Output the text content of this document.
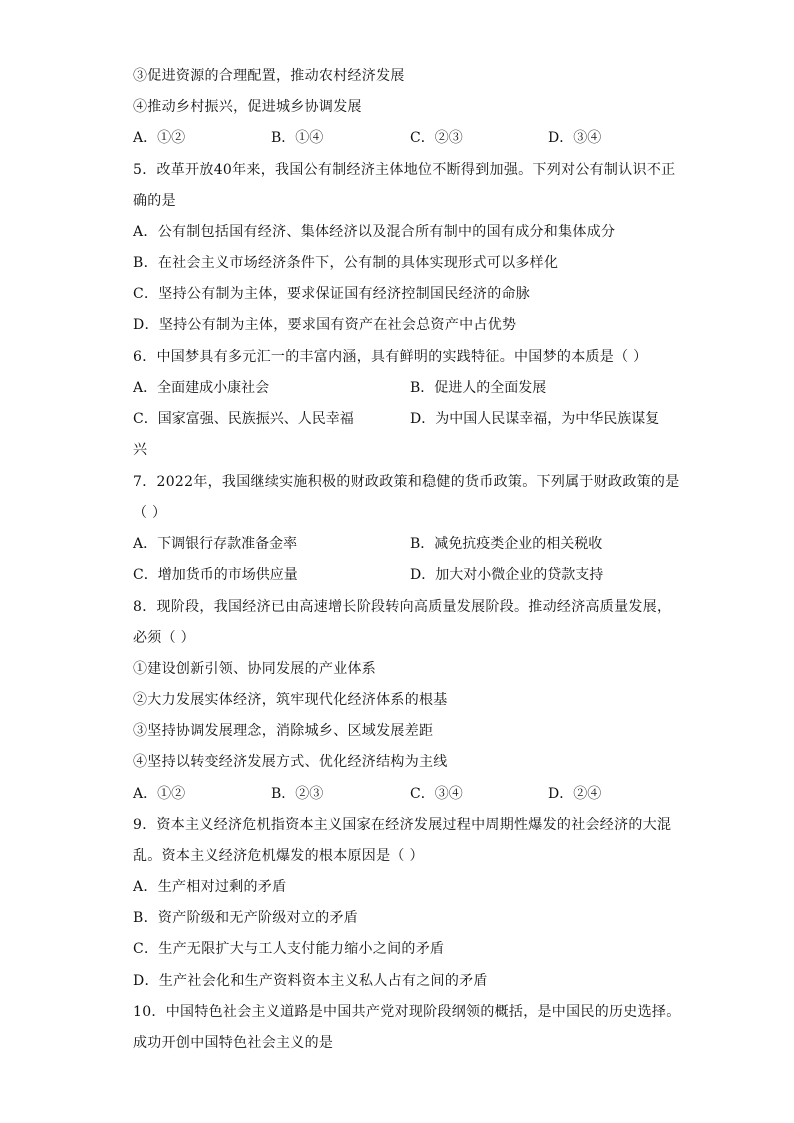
③促进资源的合理配置，推动农村经济发展
④推动乡村振兴，促进城乡协调发展
A．①②	B．①④	C．②③	D．③④
5．改革开放40年来，我国公有制经济主体地位不断得到加强。下列对公有制认识不正
确的是
A．公有制包括国有经济、集体经济以及混合所有制中的国有成分和集体成分
B．在社会主义市场经济条件下，公有制的具体实现形式可以多样化
C．坚持公有制为主体，要求保证国有经济控制国民经济的命脉
D．坚持公有制为主体，要求国有资产在社会总资产中占优势
6．中国梦具有多元汇一的丰富内涵，具有鲜明的实践特征。中国梦的本质是（ ）
A．全面建成小康社会	B．促进人的全面发展
C．国家富强、民族振兴、人民幸福	D．为中国人民谋幸福，为中华民族谋复
兴
7．2022年，我国继续实施积极的财政政策和稳健的货币政策。下列属于财政政策的是
（ ）
A．下调银行存款准备金率	B．减免抗疫类企业的相关税收
C．增加货币的市场供应量	D．加大对小微企业的贷款支持
8．现阶段，我国经济已由高速增长阶段转向高质量发展阶段。推动经济高质量发展，
必须（ ）
①建设创新引领、协同发展的产业体系
②大力发展实体经济，筑牢现代化经济体系的根基
③坚持协调发展理念，消除城乡、区域发展差距
④坚持以转变经济发展方式、优化经济结构为主线
A．①②	B．②③	C．③④	D．②④
9．资本主义经济危机指资本主义国家在经济发展过程中周期性爆发的社会经济的大混
乱。资本主义经济危机爆发的根本原因是（ ）
A．生产相对过剩的矛盾
B．资产阶级和无产阶级对立的矛盾
C．生产无限扩大与工人支付能力缩小之间的矛盾
D．生产社会化和生产资料资本主义私人占有之间的矛盾
10．中国特色社会主义道路是中国共产党对现阶段纲领的概括，是中国民的历史选择。
成功开创中国特色社会主义的是
